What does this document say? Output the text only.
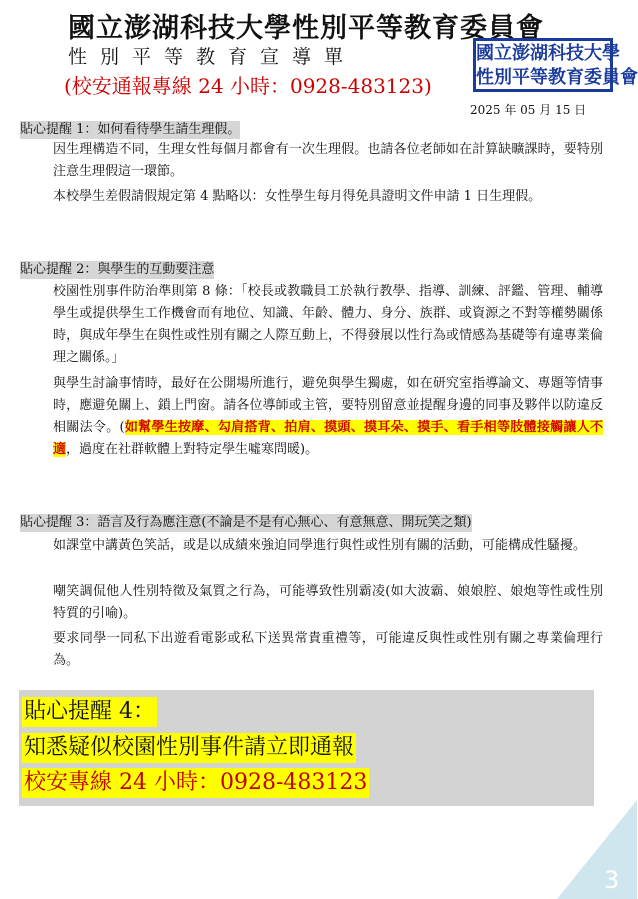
國立澎湖科技大學性別平等教育委員會
性別平等教育宣導單
(校安通報專線 24 小時：0928-483123)
國立澎湖科技大學
性別平等教育委員會
2025 年 05 月 15 日
貼心提醒 1：如何看待學生請生理假。
因生理構造不同，生理女性每個月都會有一次生理假。也請各位老師如在計算缺曠課時，要特別注意生理假這一環節。
本校學生差假請假規定第 4 點略以：女性學生每月得免具證明文件申請 1 日生理假。
貼心提醒 2：與學生的互動要注意
校園性別事件防治準則第 8 條：「校長或教職員工於執行教學、指導、訓練、評鑑、管理、輔導學生或提供學生工作機會而有地位、知識、年齡、體力、身分、族群、或資源之不對等權勢關係時，與成年學生在與性或性別有關之人際互動上，不得發展以性行為或情感為基礎等有違專業倫理之關係。」
與學生討論事情時，最好在公開場所進行，避免與學生獨處，如在研究室指導論文、專題等情事時，應避免關上、鎖上門窗。請各位導師或主管，要特別留意並提醒身邊的同事及夥伴以防違反相關法令。(如幫學生按摩、勾肩搭背、拍肩、摸頭、摸耳朵、摸手、看手相等肢體接觸讓人不適，過度在社群軟體上對特定學生噓寒問暖)。
貼心提醒 3：語言及行為應注意(不論是不是有心無心、有意無意、開玩笑之類)
如課堂中講黃色笑話，或是以成績來強迫同學進行與性或性別有關的活動，可能構成性騷擾。
嘲笑調侃他人性別特徵及氣質之行為，可能導致性別霸凌(如大波霸、娘娘腔、娘炮等性或性別特質的引喻)。
要求同學一同私下出遊看電影或私下送異常貴重禮等，可能違反與性或性別有關之專業倫理行為。
貼心提醒 4：
知悉疑似校園性別事件請立即通報
校安專線 24 小時：0928-483123
3
